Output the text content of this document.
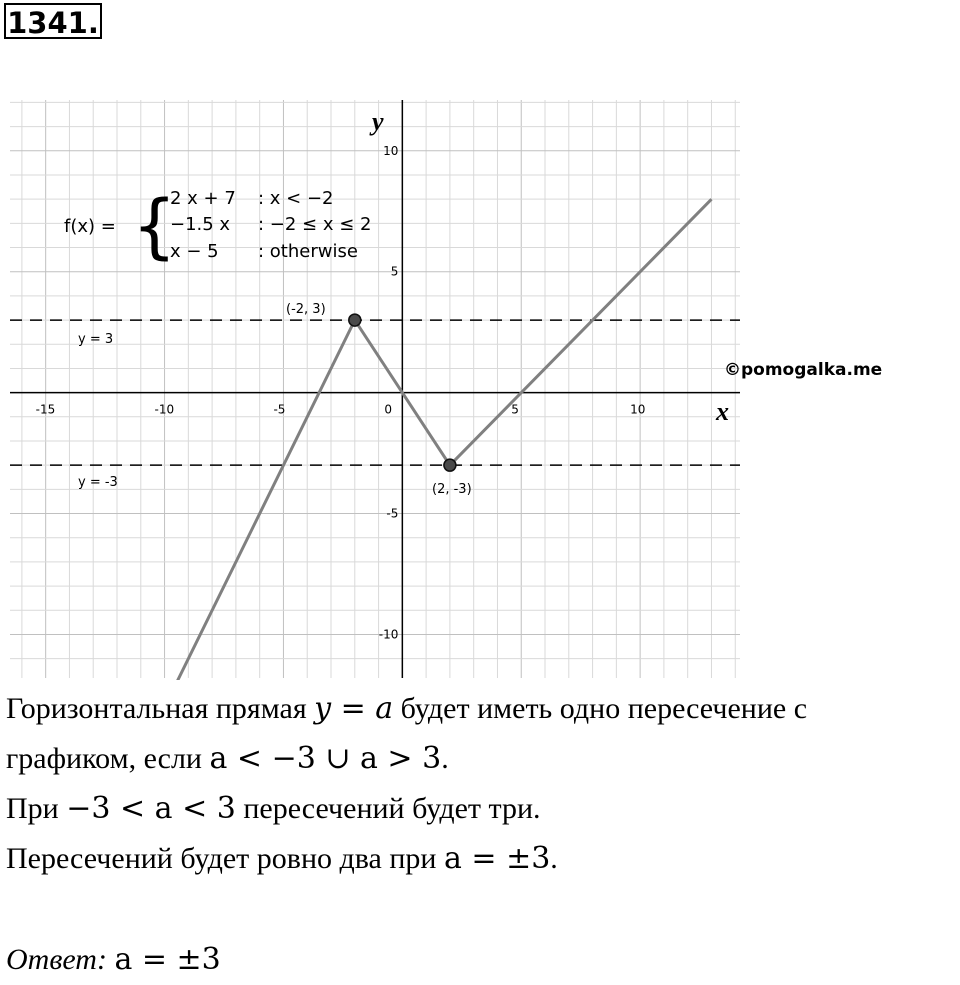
-15	-10	-5	0	5	10
10
5
-5
-10
y
x
f(x) = {
2 x + 7 : x < −2
−1.5 x : −2 ≤ x ≤ 2
x − 5 : otherwise
(-2, 3)
(2, -3)
y = 3
y = -3
©pomogalka.me
1341.

Горизонтальная прямая y = a будет иметь одно пересечение с

графиком, если a < −3 ∪ a > 3.

При −3 < a < 3 пересечений будет три.

Пересечений будет ровно два при a = ±3.

Ответ: a = ±3
